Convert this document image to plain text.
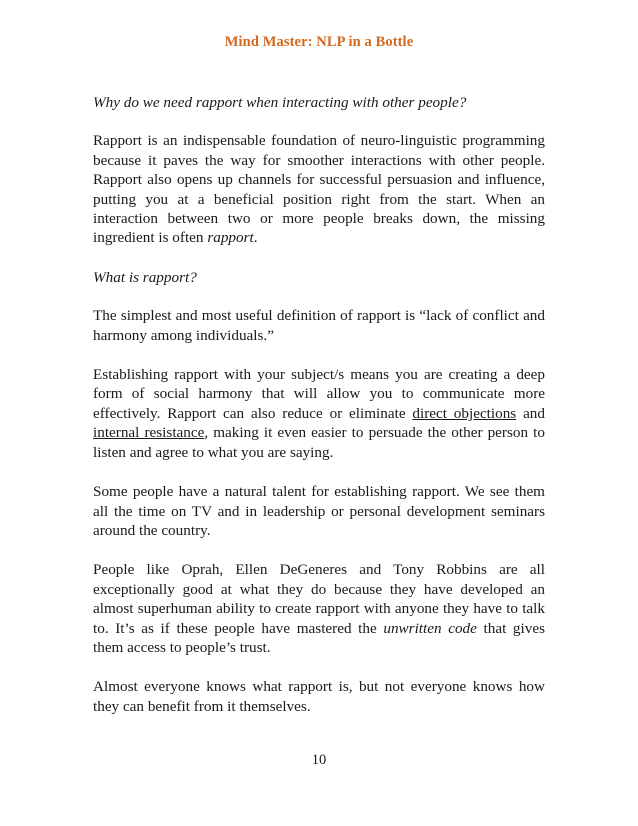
Mind Master: NLP in a Bottle

Why do we need rapport when interacting with other people?

Rapport is an indispensable foundation of neuro-linguistic programming because it paves the way for smoother interactions with other people. Rapport also opens up channels for successful persuasion and influence, putting you at a beneficial position right from the start. When an interaction between two or more people breaks down, the missing ingredient is often rapport.

What is rapport?

The simplest and most useful definition of rapport is “lack of conflict and harmony among individuals.”

Establishing rapport with your subject/s means you are creating a deep form of social harmony that will allow you to communicate more effectively. Rapport can also reduce or eliminate direct objections and internal resistance, making it even easier to persuade the other person to listen and agree to what you are saying.

Some people have a natural talent for establishing rapport. We see them all the time on TV and in leadership or personal development seminars around the country.

People like Oprah, Ellen DeGeneres and Tony Robbins are all exceptionally good at what they do because they have developed an almost superhuman ability to create rapport with anyone they have to talk to. It’s as if these people have mastered the unwritten code that gives them access to people’s trust.

Almost everyone knows what rapport is, but not everyone knows how they can benefit from it themselves.

10
